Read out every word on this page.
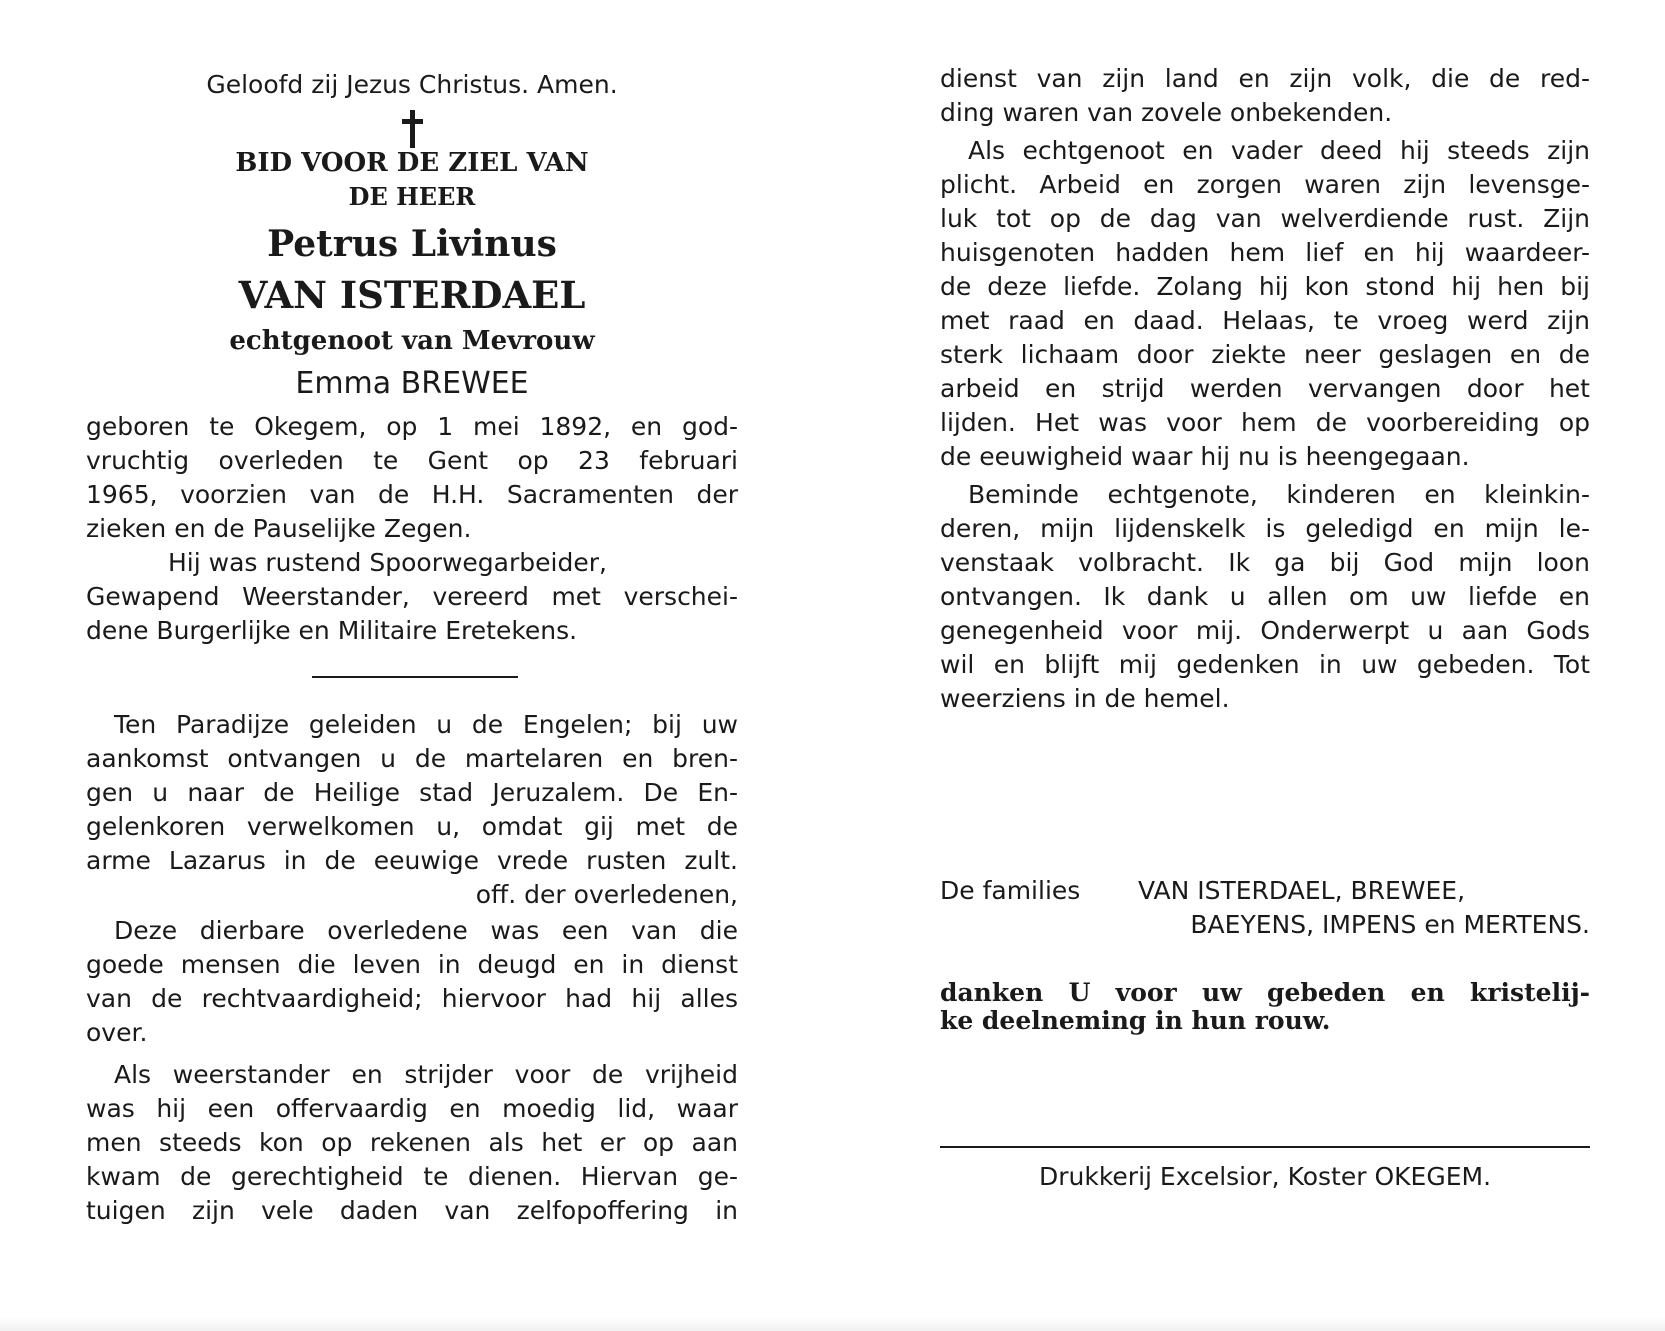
Geloofd zij Jezus Christus. Amen.

BID VOOR DE ZIEL VAN

DE HEER

Petrus Livinus

VAN ISTERDAEL

echtgenoot van Mevrouw

Emma BREWEE

geboren te Okegem, op 1 mei 1892, en god-

vruchtig overleden te Gent op 23 februari

1965, voorzien van de H.H. Sacramenten der

zieken en de Pauselijke Zegen.

Hij was rustend Spoorwegarbeider,

Gewapend Weerstander, vereerd met verschei-

dene Burgerlijke en Militaire Eretekens.

Ten Paradijze geleiden u de Engelen; bij uw

aankomst ontvangen u de martelaren en bren-

gen u naar de Heilige stad Jeruzalem. De En-

gelenkoren verwelkomen u, omdat gij met de

arme Lazarus in de eeuwige vrede rusten zult.

off. der overledenen,

Deze dierbare overledene was een van die

goede mensen die leven in deugd en in dienst

van de rechtvaardigheid; hiervoor had hij alles

over.

Als weerstander en strijder voor de vrijheid

was hij een offervaardig en moedig lid, waar

men steeds kon op rekenen als het er op aan

kwam de gerechtigheid te dienen. Hiervan ge-

tuigen zijn vele daden van zelfopoffering in

dienst van zijn land en zijn volk, die de red-

ding waren van zovele onbekenden.

Als echtgenoot en vader deed hij steeds zijn

plicht. Arbeid en zorgen waren zijn levensge-

luk tot op de dag van welverdiende rust. Zijn

huisgenoten hadden hem lief en hij waardeer-

de deze liefde. Zolang hij kon stond hij hen bij

met raad en daad. Helaas, te vroeg werd zijn

sterk lichaam door ziekte neer geslagen en de

arbeid en strijd werden vervangen door het

lijden. Het was voor hem de voorbereiding op

de eeuwigheid waar hij nu is heengegaan.

Beminde echtgenote, kinderen en kleinkin-

deren, mijn lijdenskelk is geledigd en mijn le-

venstaak volbracht. Ik ga bij God mijn loon

ontvangen. Ik dank u allen om uw liefde en

genegenheid voor mij. Onderwerpt u aan Gods

wil en blijft mij gedenken in uw gebeden. Tot

weerziens in de hemel.

De families	VAN ISTERDAEL, BREWEE,

BAEYENS, IMPENS en MERTENS.

danken U voor uw gebeden en kristelij-

ke deelneming in hun rouw.

Drukkerij Excelsior, Koster OKEGEM.
